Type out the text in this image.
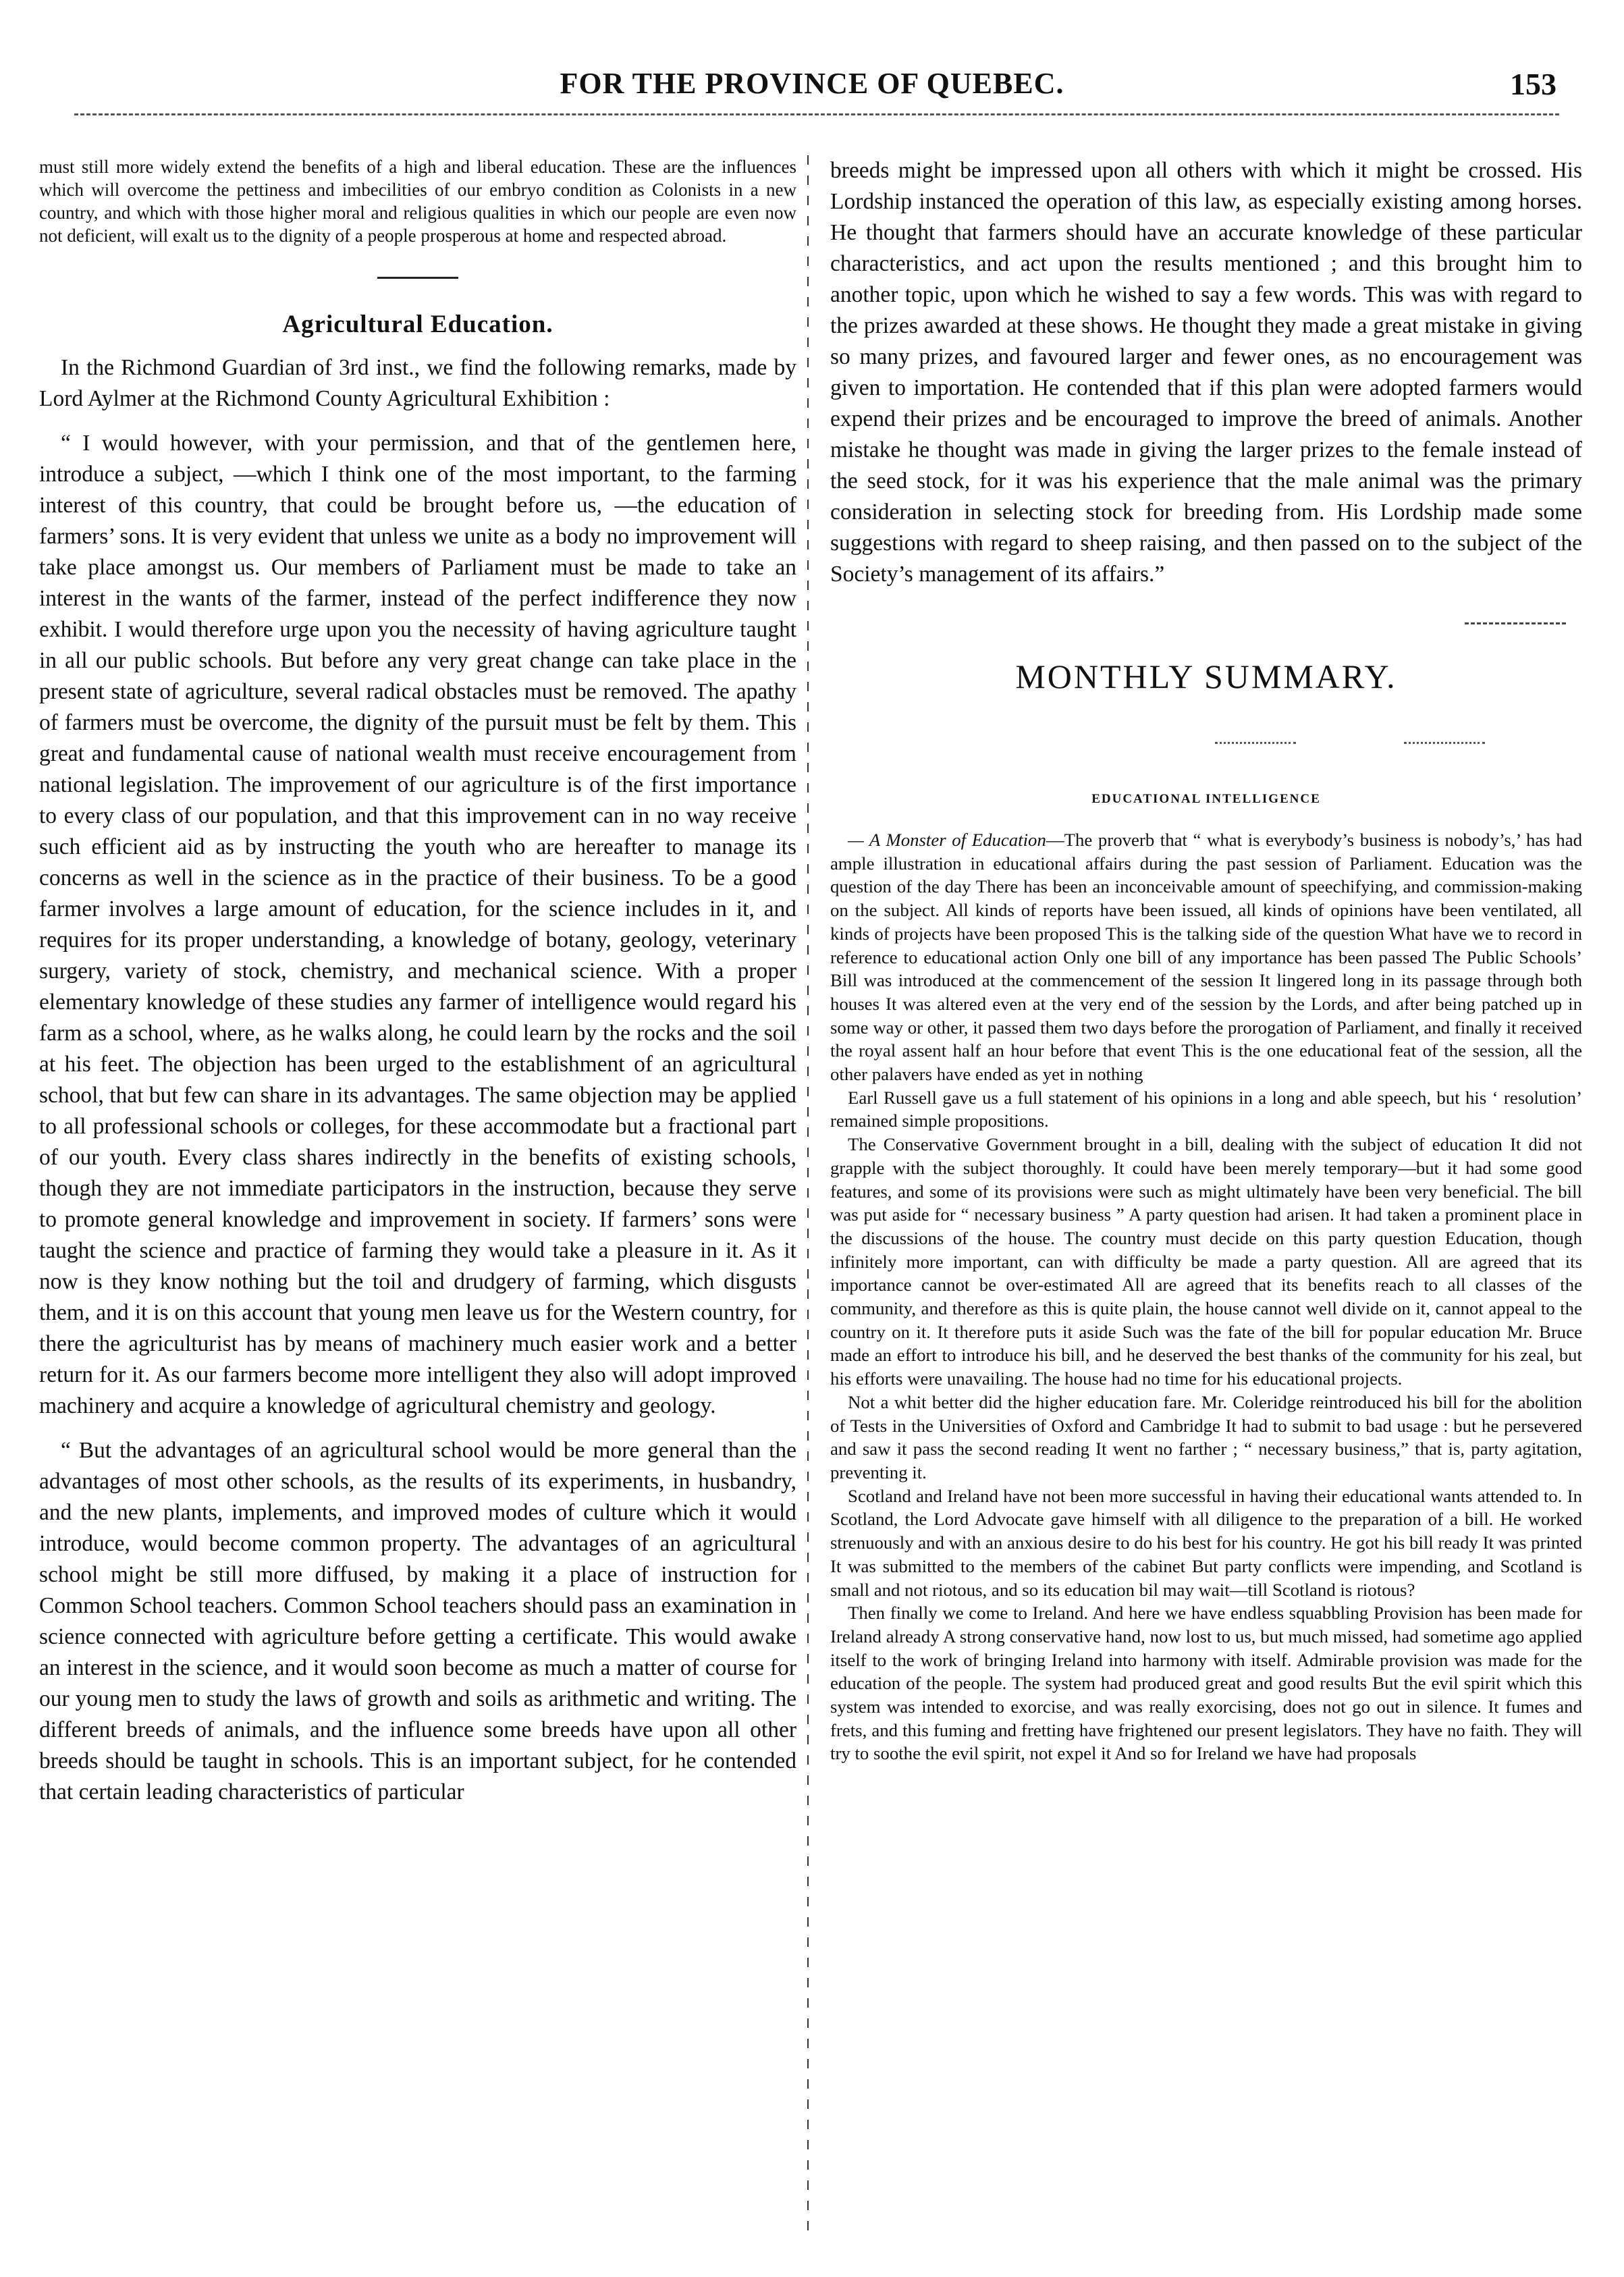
FOR THE PROVINCE OF QUEBEC.	153

must still more widely extend the benefits of a high and liberal education. These are the influences which will overcome the pettiness and imbecilities of our embryo condition as Colonists in a new country, and which with those higher moral and religious qualities in which our people are even now not deficient, will exalt us to the dignity of a people prosperous at home and respected abroad.

Agricultural Education.

In the Richmond Guardian of 3rd inst., we find the following remarks, made by Lord Aylmer at the Richmond County Agricultural Exhibition :

“ I would however, with your permission, and that of the gentlemen here, introduce a subject, —which I think one of the most important, to the farming interest of this country, that could be brought before us, —the education of farmers’ sons. It is very evident that unless we unite as a body no improvement will take place amongst us. Our members of Parliament must be made to take an interest in the wants of the farmer, instead of the perfect indifference they now exhibit. I would therefore urge upon you the necessity of having agriculture taught in all our public schools. But before any very great change can take place in the present state of agriculture, several radical obstacles must be removed. The apathy of farmers must be overcome, the dignity of the pursuit must be felt by them. This great and fundamental cause of national wealth must receive encouragement from national legislation. The improvement of our agriculture is of the first importance to every class of our population, and that this improvement can in no way receive such efficient aid as by instructing the youth who are hereafter to manage its concerns as well in the science as in the practice of their business. To be a good farmer involves a large amount of education, for the science includes in it, and requires for its proper understanding, a knowledge of botany, geology, veterinary surgery, variety of stock, chemistry, and mechanical science. With a proper elementary knowledge of these studies any farmer of intelligence would regard his farm as a school, where, as he walks along, he could learn by the rocks and the soil at his feet. The objection has been urged to the establishment of an agricultural school, that but few can share in its advantages. The same objection may be applied to all professional schools or colleges, for these accommodate but a fractional part of our youth. Every class shares indirectly in the benefits of existing schools, though they are not immediate participators in the instruction, because they serve to promote general knowledge and improvement in society. If farmers’ sons were taught the science and practice of farming they would take a pleasure in it. As it now is they know nothing but the toil and drudgery of farming, which disgusts them, and it is on this account that young men leave us for the Western country, for there the agriculturist has by means of machinery much easier work and a better return for it. As our farmers become more intelligent they also will adopt improved machinery and acquire a knowledge of agricultural chemistry and geology.

“ But the advantages of an agricultural school would be more general than the advantages of most other schools, as the results of its experiments, in husbandry, and the new plants, implements, and improved modes of culture which it would introduce, would become common property. The advantages of an agricultural school might be still more diffused, by making it a place of instruction for Common School teachers. Common School teachers should pass an examination in science connected with agriculture before getting a certificate. This would awake an interest in the science, and it would soon become as much a matter of course for our young men to study the laws of growth and soils as arithmetic and writing. The different breeds of animals, and the influence some breeds have upon all other breeds should be taught in schools. This is an important subject, for he contended that certain leading characteristics of particular

breeds might be impressed upon all others with which it might be crossed. His Lordship instanced the operation of this law, as especially existing among horses. He thought that farmers should have an accurate knowledge of these particular characteristics, and act upon the results mentioned ; and this brought him to another topic, upon which he wished to say a few words. This was with regard to the prizes awarded at these shows. He thought they made a great mistake in giving so many prizes, and favoured larger and fewer ones, as no encouragement was given to importation. He contended that if this plan were adopted farmers would expend their prizes and be encouraged to improve the breed of animals. Another mistake he thought was made in giving the larger prizes to the female instead of the seed stock, for it was his experience that the male animal was the primary consideration in selecting stock for breeding from. His Lordship made some suggestions with regard to sheep raising, and then passed on to the subject of the Society’s management of its affairs.”

MONTHLY SUMMARY.
EDUCATIONAL INTELLIGENCE

— A Monster of Education—The proverb that “ what is everybody’s business is nobody’s,’ has had ample illustration in educational affairs during the past session of Parliament. Education was the question of the day There has been an inconceivable amount of speechifying, and commission-making on the subject. All kinds of reports have been issued, all kinds of opinions have been ventilated, all kinds of projects have been proposed This is the talking side of the question What have we to record in reference to educational action Only one bill of any importance has been passed The Public Schools’ Bill was introduced at the commencement of the session It lingered long in its passage through both houses It was altered even at the very end of the session by the Lords, and after being patched up in some way or other, it passed them two days before the prorogation of Parliament, and finally it received the royal assent half an hour before that event This is the one educational feat of the session, all the other palavers have ended as yet in nothing

Earl Russell gave us a full statement of his opinions in a long and able speech, but his ‘ resolution’ remained simple propositions.

The Conservative Government brought in a bill, dealing with the subject of education It did not grapple with the subject thoroughly. It could have been merely temporary—but it had some good features, and some of its provisions were such as might ultimately have been very beneficial. The bill was put aside for “ necessary business ” A party question had arisen. It had taken a prominent place in the discussions of the house. The country must decide on this party question Education, though infinitely more important, can with difficulty be made a party question. All are agreed that its importance cannot be over-estimated All are agreed that its benefits reach to all classes of the community, and therefore as this is quite plain, the house cannot well divide on it, cannot appeal to the country on it. It therefore puts it aside Such was the fate of the bill for popular education Mr. Bruce made an effort to introduce his bill, and he deserved the best thanks of the community for his zeal, but his efforts were unavailing. The house had no time for his educational projects.

Not a whit better did the higher education fare. Mr. Coleridge reintroduced his bill for the abolition of Tests in the Universities of Oxford and Cambridge It had to submit to bad usage : but he persevered and saw it pass the second reading It went no farther ; “ necessary business,” that is, party agitation, preventing it.

Scotland and Ireland have not been more successful in having their educational wants attended to. In Scotland, the Lord Advocate gave himself with all diligence to the preparation of a bill. He worked strenuously and with an anxious desire to do his best for his country. He got his bill ready It was printed It was submitted to the members of the cabinet But party conflicts were impending, and Scotland is small and not riotous, and so its education bil may wait—till Scotland is riotous?

Then finally we come to Ireland. And here we have endless squabbling Provision has been made for Ireland already A strong conservative hand, now lost to us, but much missed, had sometime ago applied itself to the work of bringing Ireland into harmony with itself. Admirable provision was made for the education of the people. The system had produced great and good results But the evil spirit which this system was intended to exorcise, and was really exorcising, does not go out in silence. It fumes and frets, and this fuming and fretting have frightened our present legislators. They have no faith. They will try to soothe the evil spirit, not expel it And so for Ireland we have had proposals
